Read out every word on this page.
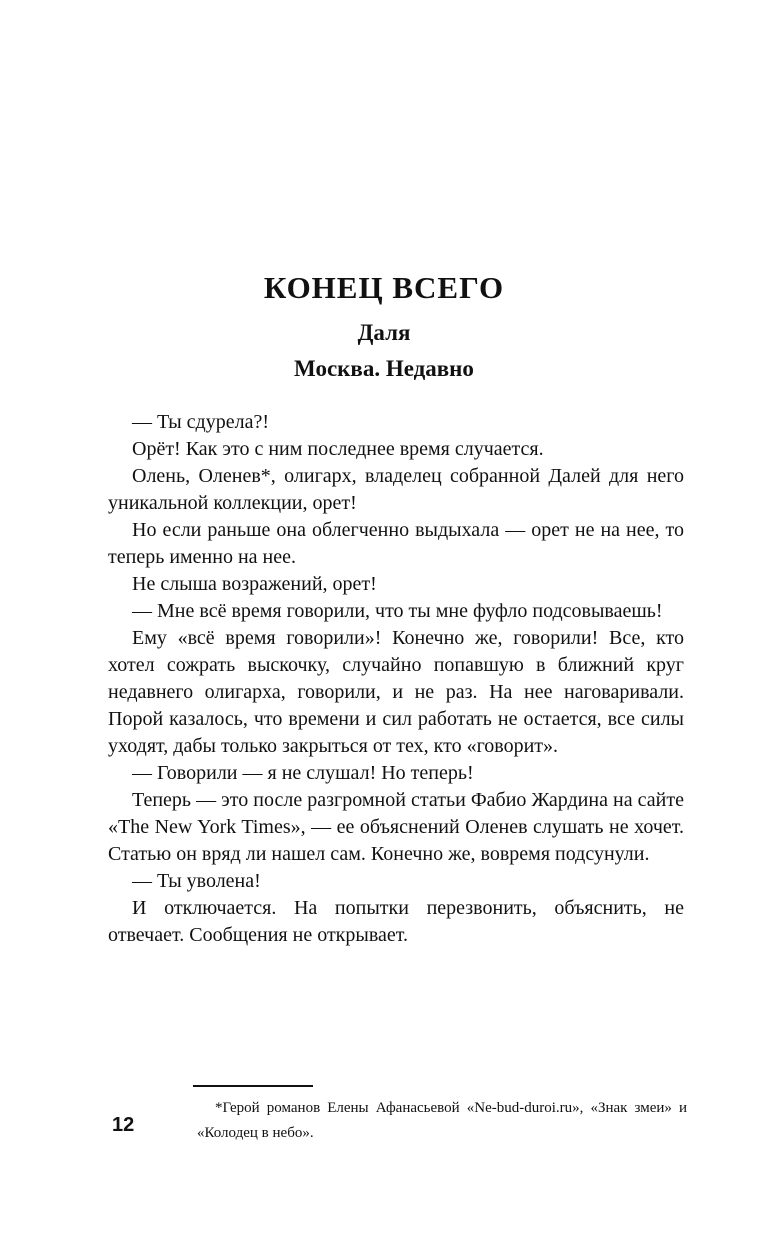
КОНЕЦ ВСЕГО
Даля
Москва. Недавно

— Ты сдурела?!

Орёт! Как это с ним последнее время случается.

Олень, Оленев*, олигарх, владелец собранной Далей для него уникальной коллекции, орет!

Но если раньше она облегченно выдыхала — орет не на нее, то теперь именно на нее.

Не слыша возражений, орет!

— Мне всё время говорили, что ты мне фуфло подсовываешь!

Ему «всё время говорили»! Конечно же, говорили! Все, кто хотел сожрать выскочку, случайно попавшую в ближний круг недавнего олигарха, говорили, и не раз. На нее наговаривали. Порой казалось, что времени и сил работать не остается, все силы уходят, дабы только закрыться от тех, кто «говорит».

— Говорили — я не слушал! Но теперь!

Теперь — это после разгромной статьи Фабио Жардина на сайте «The New York Times», — ее объяснений Оленев слушать не хочет. Статью он вряд ли нашел сам. Конечно же, вовремя подсунули.

— Ты уволена!

И отключается. На попытки перезвонить, объяснить, не отвечает. Сообщения не открывает.

*Герой романов Елены Афанасьевой «Ne-bud-duroi.ru», «Знак змеи» и «Колодец в небо».
12
